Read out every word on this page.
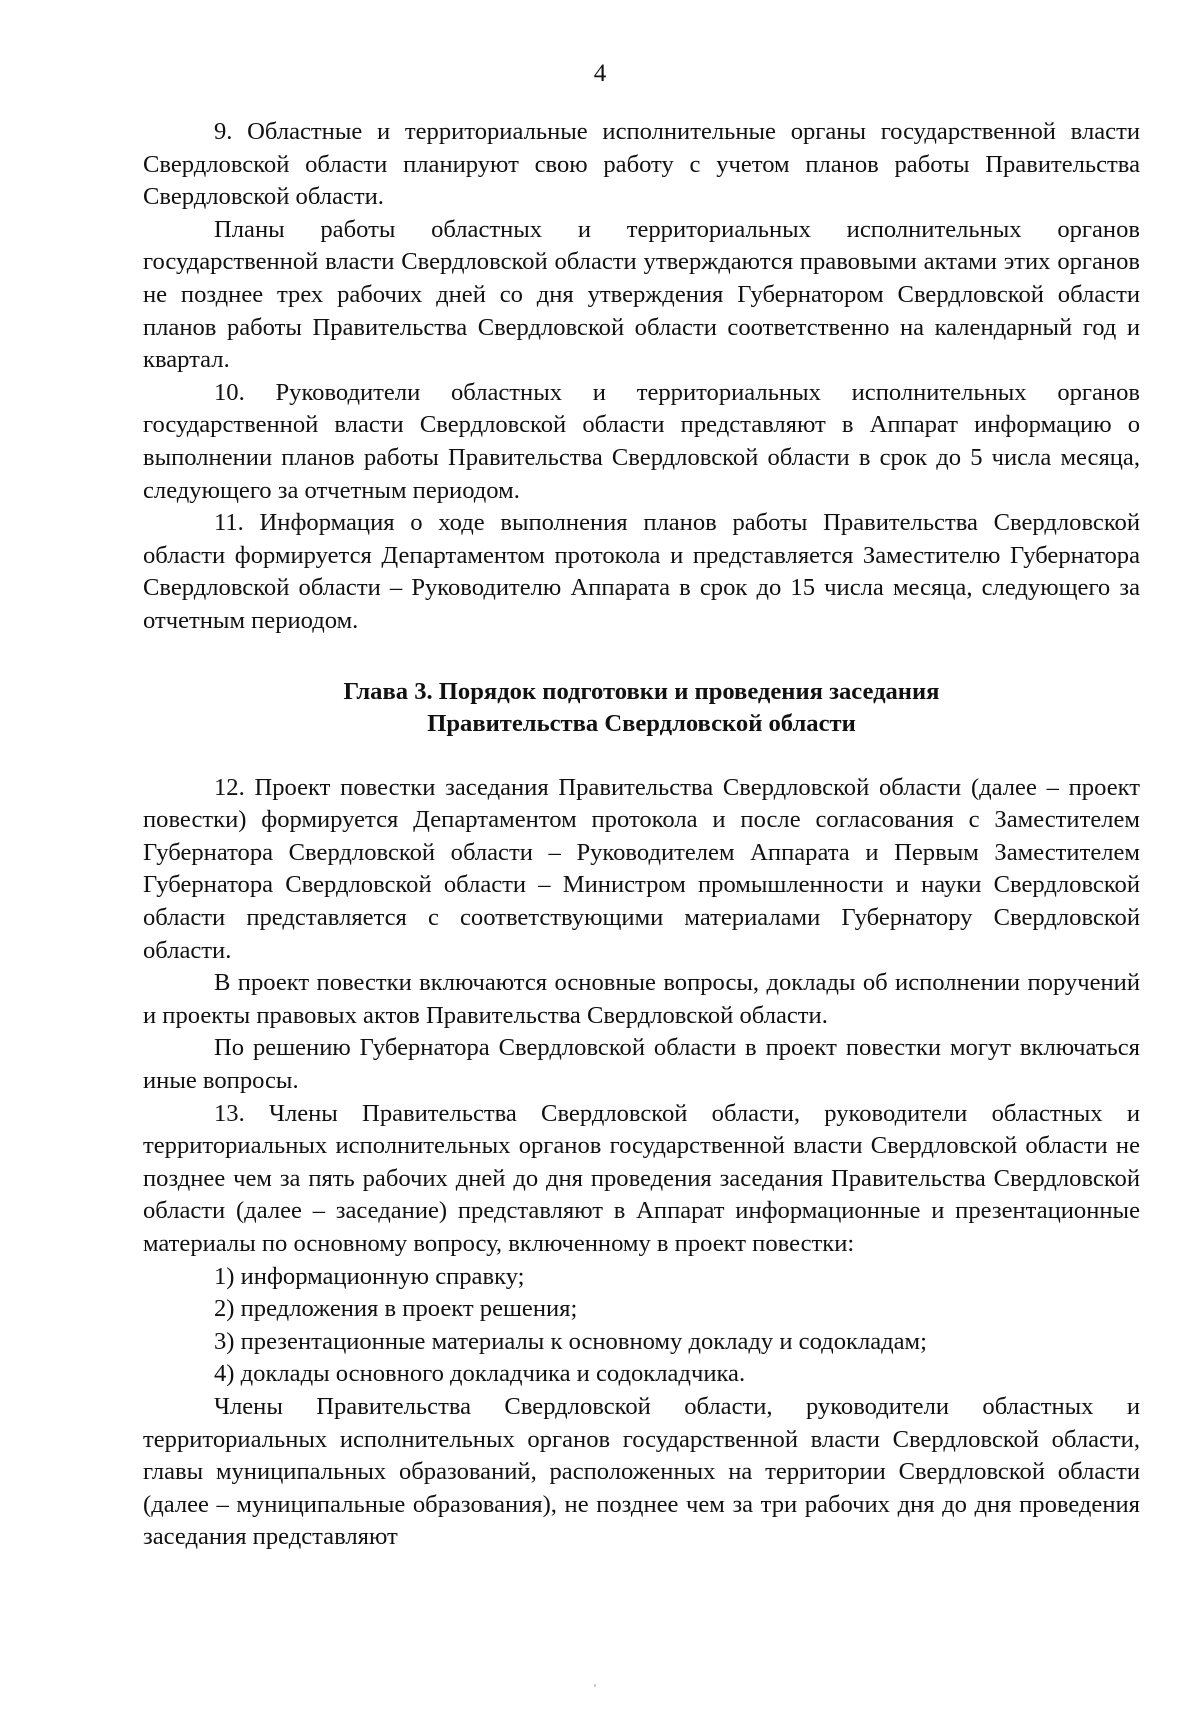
4

9. Областные и территориальные исполнительные органы государственной власти Свердловской области планируют свою работу с учетом планов работы Правительства Свердловской области.

Планы работы областных и территориальных исполнительных органов государственной власти Свердловской области утверждаются правовыми актами этих органов не позднее трех рабочих дней со дня утверждения Губернатором Свердловской области планов работы Правительства Свердловской области соответственно на календарный год и квартал.

10. Руководители областных и территориальных исполнительных органов государственной власти Свердловской области представляют в Аппарат информацию о выполнении планов работы Правительства Свердловской области в срок до 5 числа месяца, следующего за отчетным периодом.

11. Информация о ходе выполнения планов работы Правительства Свердловской области формируется Департаментом протокола и представляется Заместителю Губернатора Свердловской области – Руководителю Аппарата в срок до 15 числа месяца, следующего за отчетным периодом.

Глава 3. Порядок подготовки и проведения заседания
Правительства Свердловской области

12. Проект повестки заседания Правительства Свердловской области (далее – проект повестки) формируется Департаментом протокола и после согласования с Заместителем Губернатора Свердловской области – Руководителем Аппарата и Первым Заместителем Губернатора Свердловской области – Министром промышленности и науки Свердловской области представляется с соответствующими материалами Губернатору Свердловской области.

В проект повестки включаются основные вопросы, доклады об исполнении поручений и проекты правовых актов Правительства Свердловской области.

По решению Губернатора Свердловской области в проект повестки могут включаться иные вопросы.

13. Члены Правительства Свердловской области, руководители областных и территориальных исполнительных органов государственной власти Свердловской области не позднее чем за пять рабочих дней до дня проведения заседания Правительства Свердловской области (далее – заседание) представляют в Аппарат информационные и презентационные материалы по основному вопросу, включенному в проект повестки:

1) информационную справку;

2) предложения в проект решения;

3) презентационные материалы к основному докладу и содокладам;

4) доклады основного докладчика и содокладчика.

Члены Правительства Свердловской области, руководители областных и территориальных исполнительных органов государственной власти Свердловской области, главы муниципальных образований, расположенных на территории Свердловской области (далее – муниципальные образования), не позднее чем за три рабочих дня до дня проведения заседания представляют
